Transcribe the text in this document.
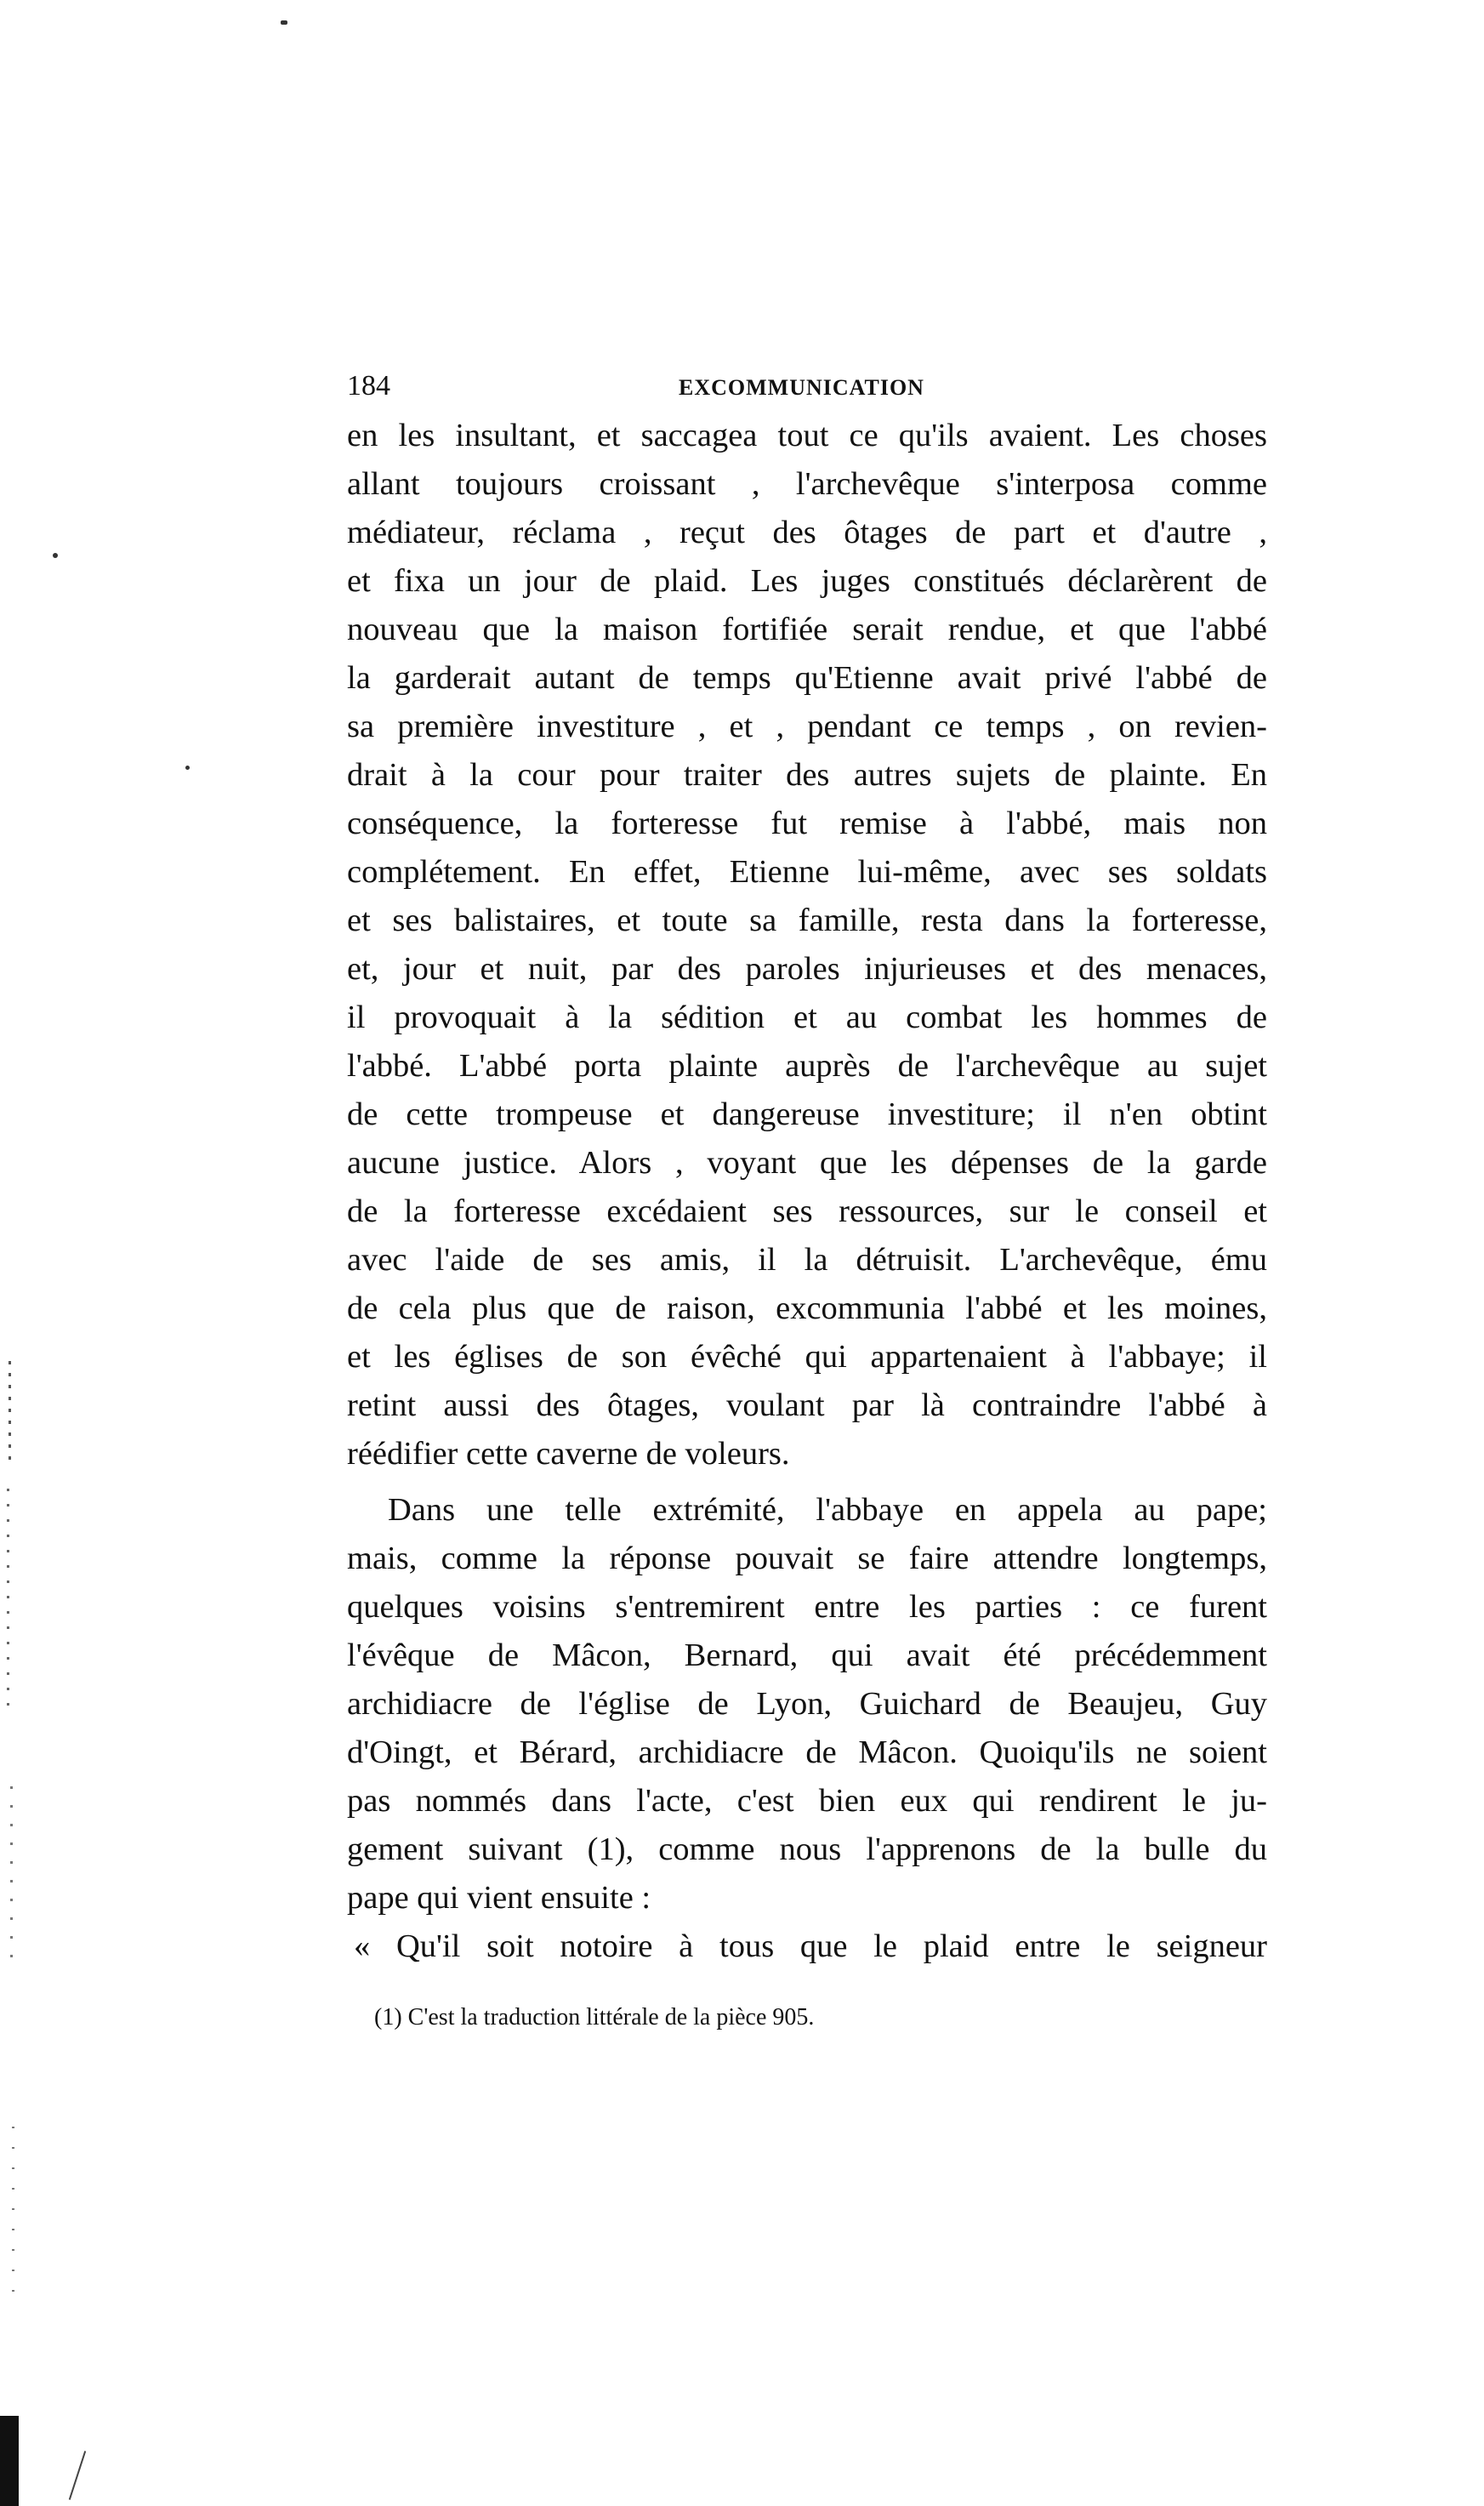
184	EXCOMMUNICATION
en les insultant, et saccagea tout ce qu'ils avaient. Les choses
allant toujours croissant , l'archevêque s'interposa comme
médiateur, réclama , reçut des ôtages de part et d'autre ,
et fixa un jour de plaid. Les juges constitués déclarèrent de
nouveau que la maison fortifiée serait rendue, et que l'abbé
la garderait autant de temps qu'Etienne avait privé l'abbé de
sa première investiture , et , pendant ce temps , on revien-
drait à la cour pour traiter des autres sujets de plainte. En
conséquence, la forteresse fut remise à l'abbé, mais non
complétement. En effet, Etienne lui-même, avec ses soldats
et ses balistaires, et toute sa famille, resta dans la forteresse,
et, jour et nuit, par des paroles injurieuses et des menaces,
il provoquait à la sédition et au combat les hommes de
l'abbé. L'abbé porta plainte auprès de l'archevêque au sujet
de cette trompeuse et dangereuse investiture; il n'en obtint
aucune justice. Alors , voyant que les dépenses de la garde
de la forteresse excédaient ses ressources, sur le conseil et
avec l'aide de ses amis, il la détruisit. L'archevêque, ému
de cela plus que de raison, excommunia l'abbé et les moines,
et les églises de son évêché qui appartenaient à l'abbaye; il
retint aussi des ôtages, voulant par là contraindre l'abbé à
réédifier cette caverne de voleurs.
Dans une telle extrémité, l'abbaye en appela au pape;
mais, comme la réponse pouvait se faire attendre longtemps,
quelques voisins s'entremirent entre les parties : ce furent
l'évêque de Mâcon, Bernard, qui avait été précédemment
archidiacre de l'église de Lyon, Guichard de Beaujeu, Guy
d'Oingt, et Bérard, archidiacre de Mâcon. Quoiqu'ils ne soient
pas nommés dans l'acte, c'est bien eux qui rendirent le ju-
gement suivant (1), comme nous l'apprenons de la bulle du
pape qui vient ensuite :
« Qu'il soit notoire à tous que le plaid entre le seigneur
(1) C'est la traduction littérale de la pièce 905.
